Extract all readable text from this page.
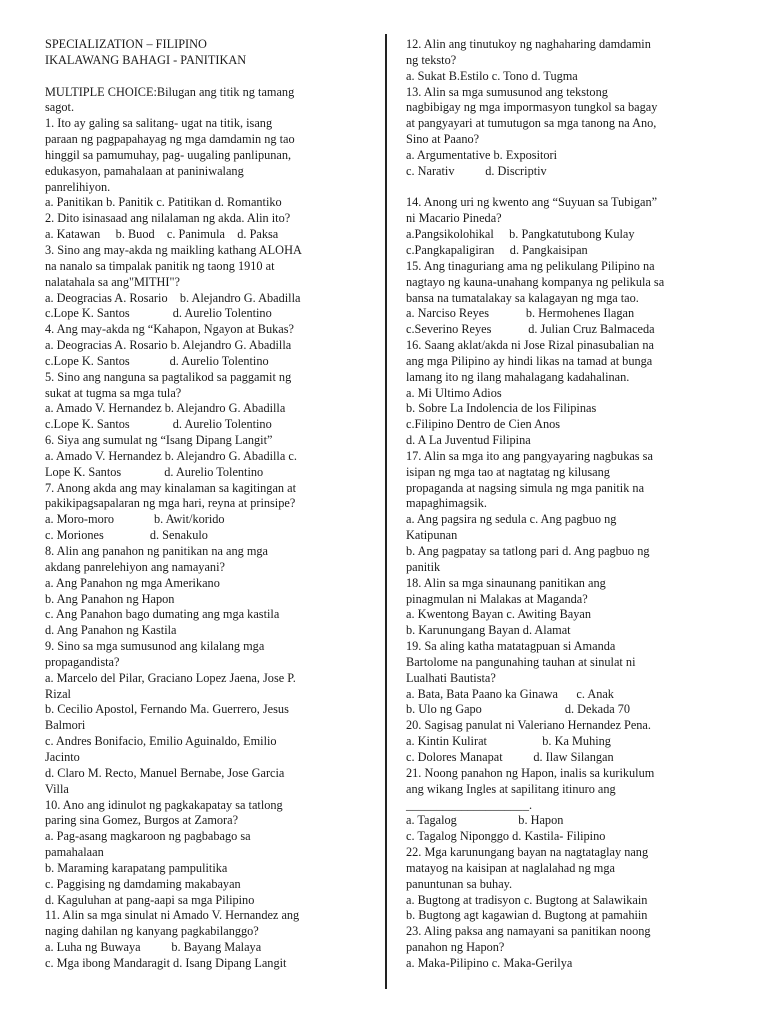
SPECIALIZATION – FILIPINO
IKALAWANG BAHAGI - PANITIKAN
MULTIPLE CHOICE:Bilugan ang titik ng tamang
sagot.
1. Ito ay galing sa salitang- ugat na titik, isang
paraan ng pagpapahayag ng mga damdamin ng tao
hinggil sa pamumuhay, pag- uugaling panlipunan,
edukasyon, pamahalaan at paniniwalang
panrelihiyon.
a. Panitikan b. Panitik c. Patitikan d. Romantiko
2. Dito isinasaad ang nilalaman ng akda. Alin ito?
a. Katawan     b. Buod    c. Panimula    d. Paksa
3. Sino ang may-akda ng maikling kathang ALOHA
na nanalo sa timpalak panitik ng taong 1910 at
nalatahala sa ang"MITHI"?
a. Deogracias A. Rosario    b. Alejandro G. Abadilla
c.Lope K. Santos              d. Aurelio Tolentino
4. Ang may-akda ng “Kahapon, Ngayon at Bukas?
a. Deogracias A. Rosario b. Alejandro G. Abadilla
c.Lope K. Santos             d. Aurelio Tolentino
5. Sino ang nanguna sa pagtalikod sa paggamit ng
sukat at tugma sa mga tula?
a. Amado V. Hernandez b. Alejandro G. Abadilla
c.Lope K. Santos              d. Aurelio Tolentino
6. Siya ang sumulat ng “Isang Dipang Langit”
a. Amado V. Hernandez b. Alejandro G. Abadilla c.
Lope K. Santos              d. Aurelio Tolentino
7. Anong akda ang may kinalaman sa kagitingan at
pakikipagsapalaran ng mga hari, reyna at prinsipe?
a. Moro-moro             b. Awit/korido
c. Moriones               d. Senakulo
8. Alin ang panahon ng panitikan na ang mga
akdang panrelehiyon ang namayani?
a. Ang Panahon ng mga Amerikano
b. Ang Panahon ng Hapon
c. Ang Panahon bago dumating ang mga kastila
d. Ang Panahon ng Kastila
9. Sino sa mga sumusunod ang kilalang mga
propagandista?
a. Marcelo del Pilar, Graciano Lopez Jaena, Jose P.
Rizal
b. Cecilio Apostol, Fernando Ma. Guerrero, Jesus
Balmori
c. Andres Bonifacio, Emilio Aguinaldo, Emilio
Jacinto
d. Claro M. Recto, Manuel Bernabe, Jose Garcia
Villa
10. Ano ang idinulot ng pagkakapatay sa tatlong
paring sina Gomez, Burgos at Zamora?
a. Pag-asang magkaroon ng pagbabago sa
pamahalaan
b. Maraming karapatang pampulitika
c. Paggising ng damdaming makabayan
d. Kaguluhan at pang-aapi sa mga Pilipino
11. Alin sa mga sinulat ni Amado V. Hernandez ang
naging dahilan ng kanyang pagkabilanggo?
a. Luha ng Buwaya          b. Bayang Malaya
c. Mga ibong Mandaragit d. Isang Dipang Langit
12. Alin ang tinutukoy ng naghaharing damdamin
ng teksto?
a. Sukat B.Estilo c. Tono d. Tugma
13. Alin sa mga sumusunod ang tekstong
nagbibigay ng mga impormasyon tungkol sa bagay
at pangyayari at tumutugon sa mga tanong na Ano,
Sino at Paano?
a. Argumentative b. Expositori
c. Narativ          d. Discriptiv
14. Anong uri ng kwento ang “Suyuan sa Tubigan”
ni Macario Pineda?
a.Pangsikolohikal     b. Pangkatutubong Kulay
c.Pangkapaligiran     d. Pangkaisipan
15. Ang tinaguriang ama ng pelikulang Pilipino na
nagtayo ng kauna-unahang kompanya ng pelikula sa
bansa na tumatalakay sa kalagayan ng mga tao.
a. Narciso Reyes            b. Hermohenes Ilagan
c.Severino Reyes            d. Julian Cruz Balmaceda
16. Saang aklat/akda ni Jose Rizal pinasubalian na
ang mga Pilipino ay hindi likas na tamad at bunga
lamang ito ng ilang mahalagang kadahalinan.
a. Mi Ultimo Adios
b. Sobre La Indolencia de los Filipinas
c.Filipino Dentro de Cien Anos
d. A La Juventud Filipina
17. Alin sa mga ito ang pangyayaring nagbukas sa
isipan ng mga tao at nagtatag ng kilusang
propaganda at nagsing simula ng mga panitik na
mapaghimagsik.
a. Ang pagsira ng sedula c. Ang pagbuo ng
Katipunan
b. Ang pagpatay sa tatlong pari d. Ang pagbuo ng
panitik
18. Alin sa mga sinaunang panitikan ang
pinagmulan ni Malakas at Maganda?
a. Kwentong Bayan c. Awiting Bayan
b. Karunungang Bayan d. Alamat
19. Sa aling katha matatagpuan si Amanda
Bartolome na pangunahing tauhan at sinulat ni
Lualhati Bautista?
a. Bata, Bata Paano ka Ginawa      c. Anak
b. Ulo ng Gapo                           d. Dekada 70
20. Sagisag panulat ni Valeriano Hernandez Pena.
a. Kintin Kulirat                  b. Ka Muhing
c. Dolores Manapat          d. Ilaw Silangan
21. Noong panahon ng Hapon, inalis sa kurikulum
ang wikang Ingles at sapilitang itinuro ang
____________________.
a. Tagalog                    b. Hapon
c. Tagalog Niponggo d. Kastila- Filipino
22. Mga karunungang bayan na nagtataglay nang
matayog na kaisipan at naglalahad ng mga
panuntunan sa buhay.
a. Bugtong at tradisyon c. Bugtong at Salawikain
b. Bugtong agt kagawian d. Bugtong at pamahiin
23. Aling paksa ang namayani sa panitikan noong
panahon ng Hapon?
a. Maka-Pilipino c. Maka-Gerilya
